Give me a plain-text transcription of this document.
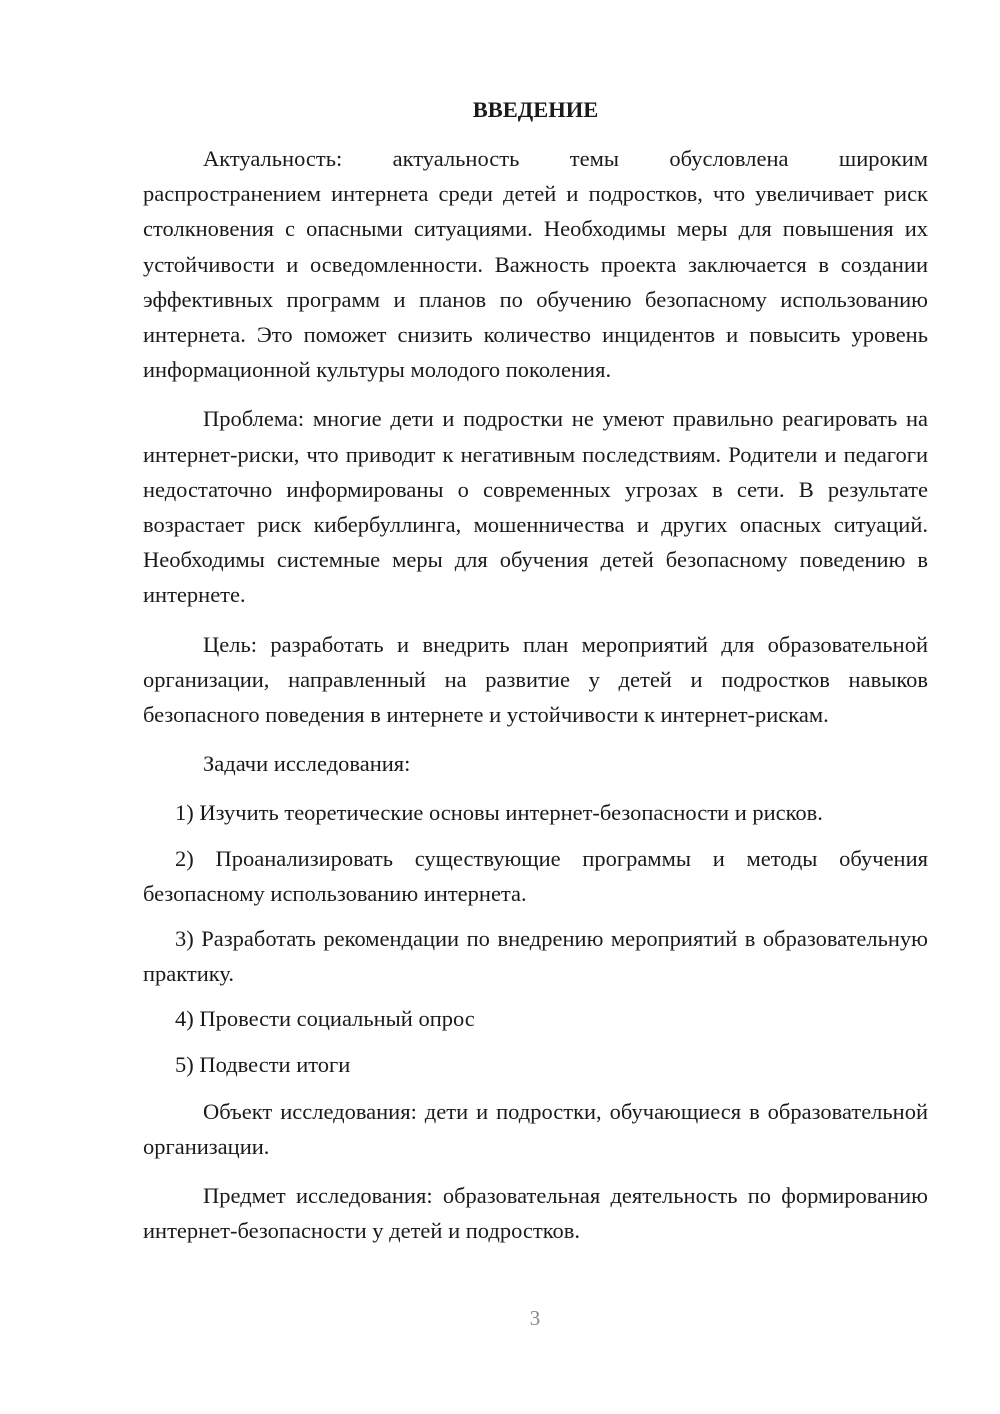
ВВЕДЕНИЕ

Актуальность: актуальность темы обусловлена широким распространением интернета среди детей и подростков, что увеличивает риск столкновения с опасными ситуациями. Необходимы меры для повышения их устойчивости и осведомленности. Важность проекта заключается в создании эффективных программ и планов по обучению безопасному использованию интернета. Это поможет снизить количество инцидентов и повысить уровень информационной культуры молодого поколения.

Проблема: многие дети и подростки не умеют правильно реагировать на интернет-риски, что приводит к негативным последствиям. Родители и педагоги недостаточно информированы о современных угрозах в сети. В результате возрастает риск кибербуллинга, мошенничества и других опасных ситуаций. Необходимы системные меры для обучения детей безопасному поведению в интернете.

Цель: разработать и внедрить план мероприятий для образовательной организации, направленный на развитие у детей и подростков навыков безопасного поведения в интернете и устойчивости к интернет-рискам.

Задачи исследования:

1) Изучить теоретические основы интернет-безопасности и рисков.

2) Проанализировать существующие программы и методы обучения безопасному использованию интернета.

3) Разработать рекомендации по внедрению мероприятий в образовательную практику.

4) Провести социальный опрос

5) Подвести итоги

Объект исследования: дети и подростки, обучающиеся в образовательной организации.

Предмет исследования: образовательная деятельность по формированию интернет-безопасности у детей и подростков.

3
